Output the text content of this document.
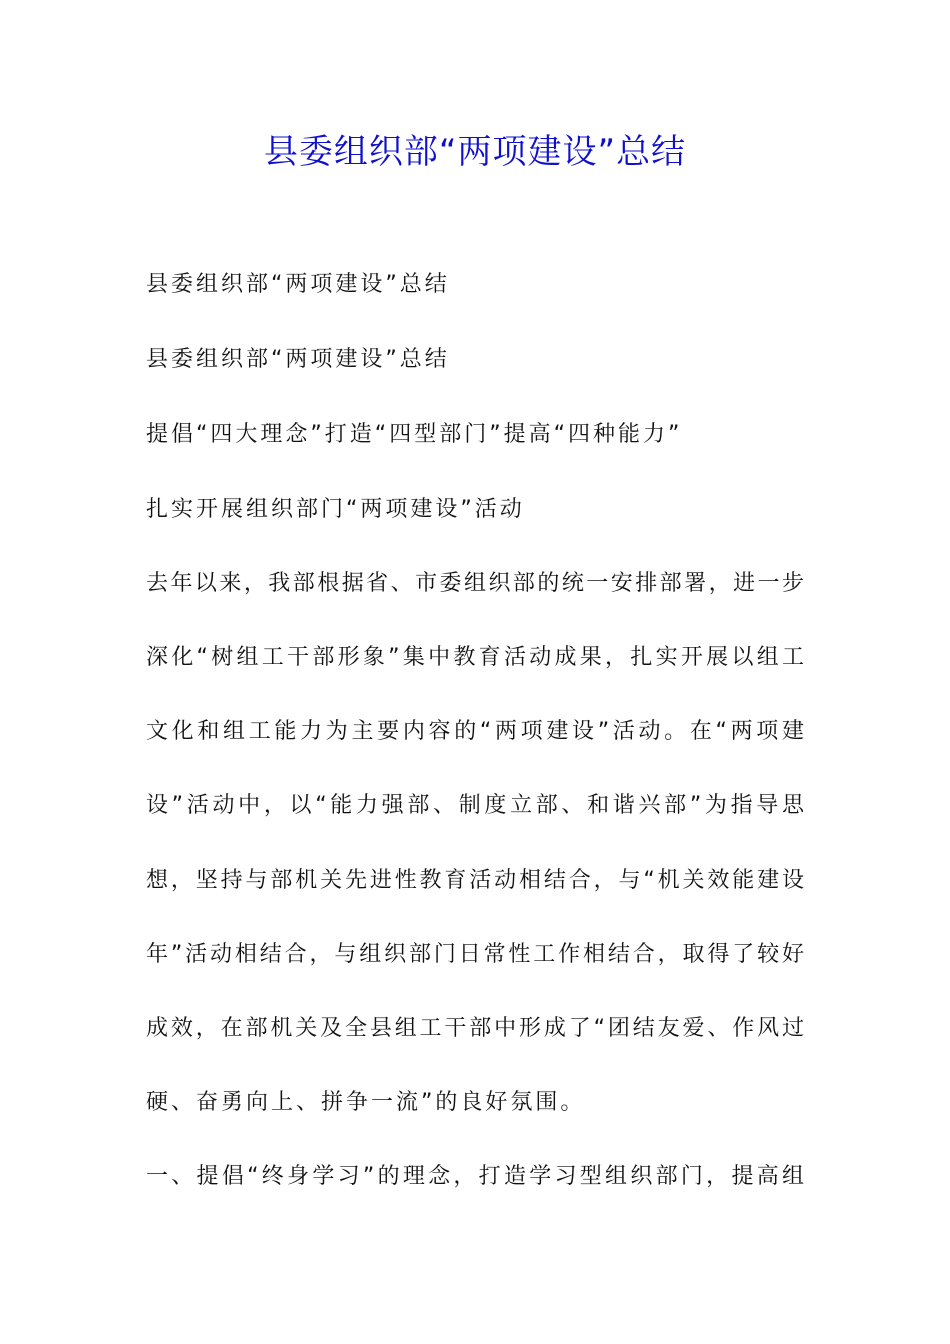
县委组织部“两项建设”总结
县委组织部“两项建设”总结
县委组织部“两项建设”总结
提倡“四大理念”打造“四型部门”提高“四种能力”
扎实开展组织部门“两项建设”活动
去年以来，我部根据省、市委组织部的统一安排部署，进一步
深化“树组工干部形象”集中教育活动成果，扎实开展以组工
文化和组工能力为主要内容的“两项建设”活动。在“两项建
设”活动中，以“能力强部、制度立部、和谐兴部”为指导思
想，坚持与部机关先进性教育活动相结合，与“机关效能建设
年”活动相结合，与组织部门日常性工作相结合，取得了较好
成效，在部机关及全县组工干部中形成了“团结友爱、作风过
硬、奋勇向上、拼争一流”的良好氛围。
一、提倡“终身学习”的理念，打造学习型组织部门，提高组
